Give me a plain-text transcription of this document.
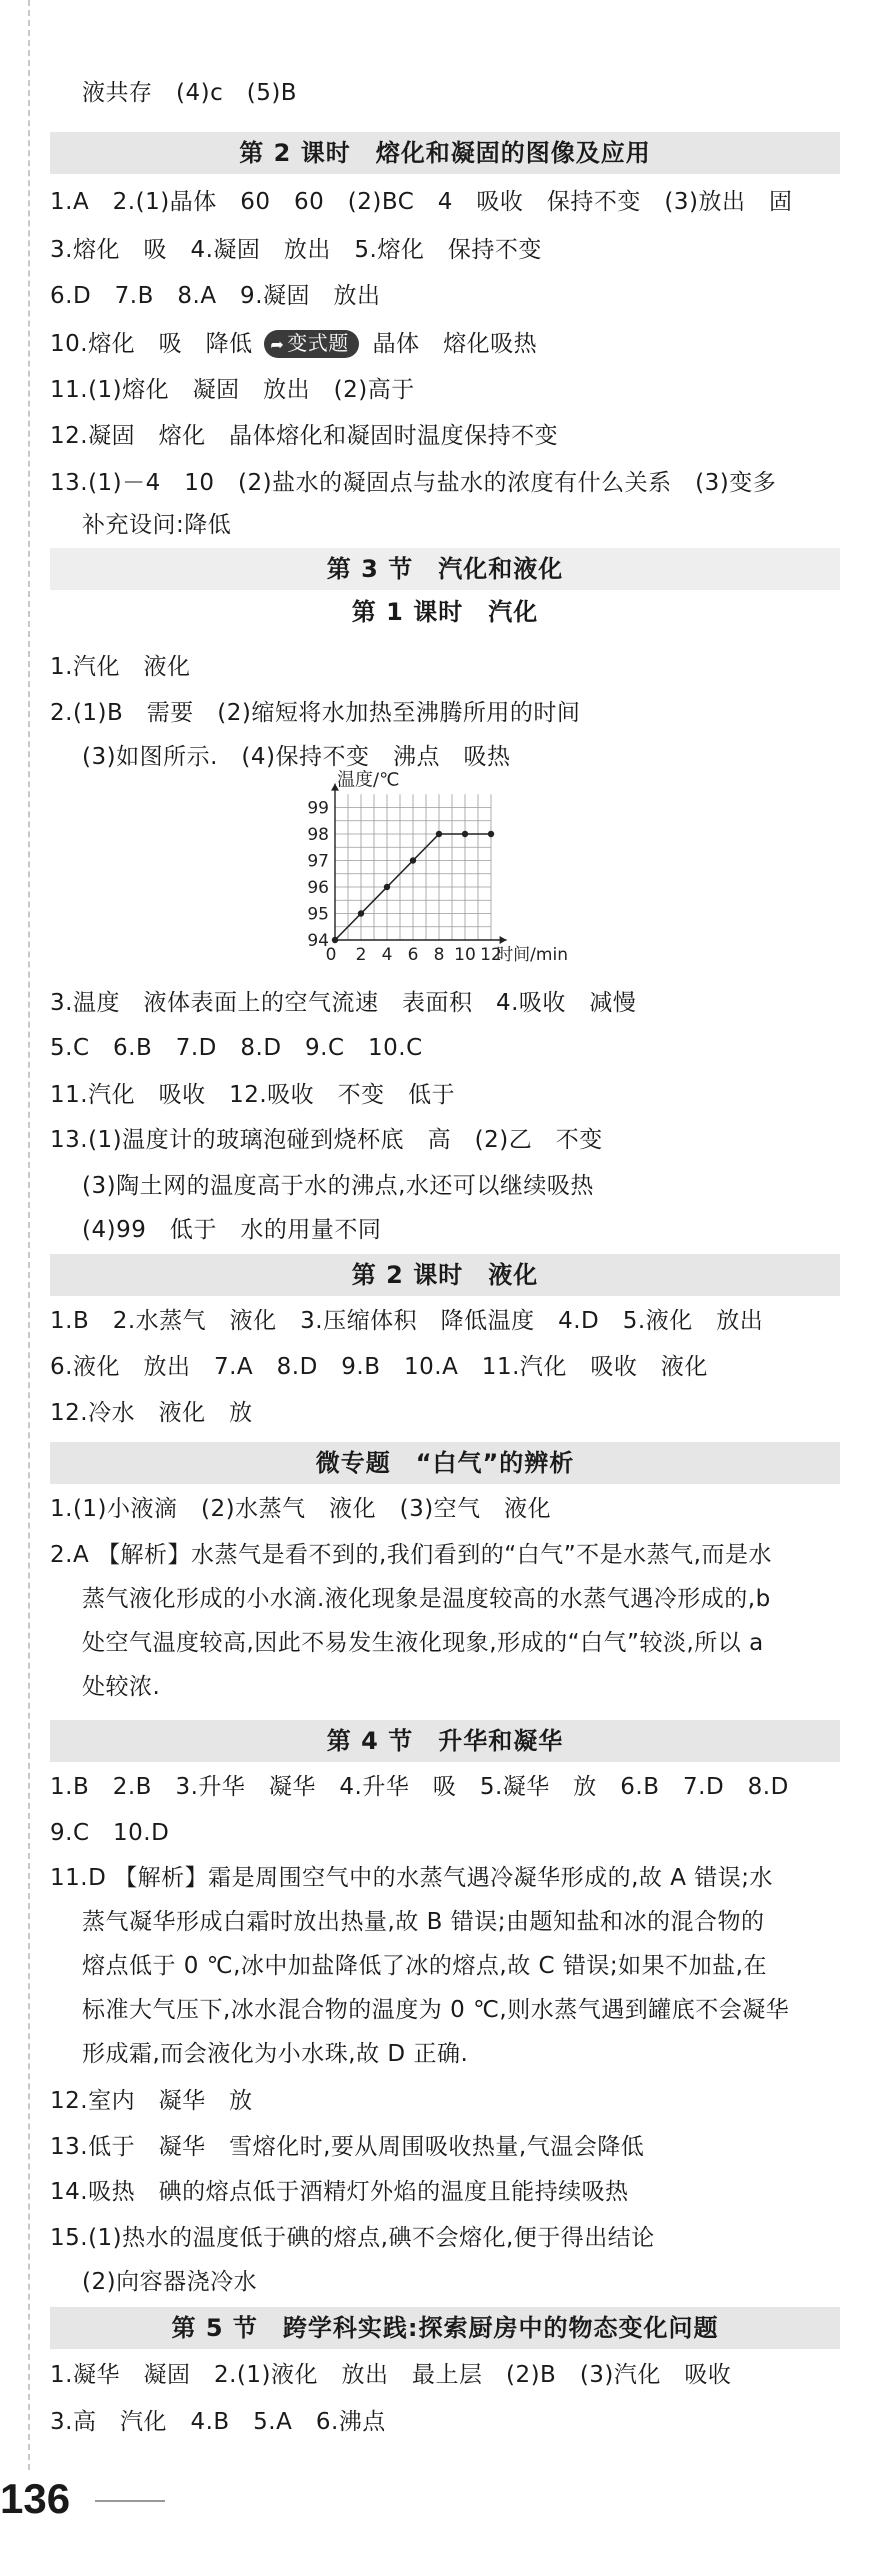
液共存　(4)c　(5)B
第 2 课时　熔化和凝固的图像及应用
1.A　2.(1)晶体　60　60　(2)BC　4　吸收　保持不变　(3)放出　固
3.熔化　吸　4.凝固　放出　5.熔化　保持不变
6.D　7.B　8.A　9.凝固　放出
10.熔化　吸　降低 ➦ 变式题 晶体　熔化吸热
11.(1)熔化　凝固　放出　(2)高于
12.凝固　熔化　晶体熔化和凝固时温度保持不变
13.(1)－4　10　(2)盐水的凝固点与盐水的浓度有什么关系　(3)变多
补充设问:降低
第 3 节　汽化和液化
第 1 课时　汽化
1.汽化　液化
2.(1)B　需要　(2)缩短将水加热至沸腾所用的时间
(3)如图所示.　(4)保持不变　沸点　吸热
0 2 4 6 8 10 12
94
95
96
97
98
99
温度/℃
时间/min
3.温度　液体表面上的空气流速　表面积　4.吸收　减慢
5.C　6.B　7.D　8.D　9.C　10.C
11.汽化　吸收　12.吸收　不变　低于
13.(1)温度计的玻璃泡碰到烧杯底　高　(2)乙　不变
(3)陶土网的温度高于水的沸点,水还可以继续吸热
(4)99　低于　水的用量不同
第 2 课时　液化
1.B　2.水蒸气　液化　3.压缩体积　降低温度　4.D　5.液化　放出
6.液化　放出　7.A　8.D　9.B　10.A　11.汽化　吸收　液化
12.冷水　液化　放
微专题　“白气”的辨析
1.(1)小液滴　(2)水蒸气　液化　(3)空气　液化
2.A 【解析】水蒸气是看不到的,我们看到的“白气”不是水蒸气,而是水
蒸气液化形成的小水滴.液化现象是温度较高的水蒸气遇冷形成的,b
处空气温度较高,因此不易发生液化现象,形成的“白气”较淡,所以 a
处较浓.
第 4 节　升华和凝华
1.B　2.B　3.升华　凝华　4.升华　吸　5.凝华　放　6.B　7.D　8.D
9.C　10.D
11.D 【解析】霜是周围空气中的水蒸气遇冷凝华形成的,故 A 错误;水
蒸气凝华形成白霜时放出热量,故 B 错误;由题知盐和冰的混合物的
熔点低于 0 ℃,冰中加盐降低了冰的熔点,故 C 错误;如果不加盐,在
标准大气压下,冰水混合物的温度为 0 ℃,则水蒸气遇到罐底不会凝华
形成霜,而会液化为小水珠,故 D 正确.
12.室内　凝华　放
13.低于　凝华　雪熔化时,要从周围吸收热量,气温会降低
14.吸热　碘的熔点低于酒精灯外焰的温度且能持续吸热
15.(1)热水的温度低于碘的熔点,碘不会熔化,便于得出结论
(2)向容器浇冷水
第 5 节　跨学科实践:探索厨房中的物态变化问题
1.凝华　凝固　2.(1)液化　放出　最上层　(2)B　(3)汽化　吸收
3.高　汽化　4.B　5.A　6.沸点
136
